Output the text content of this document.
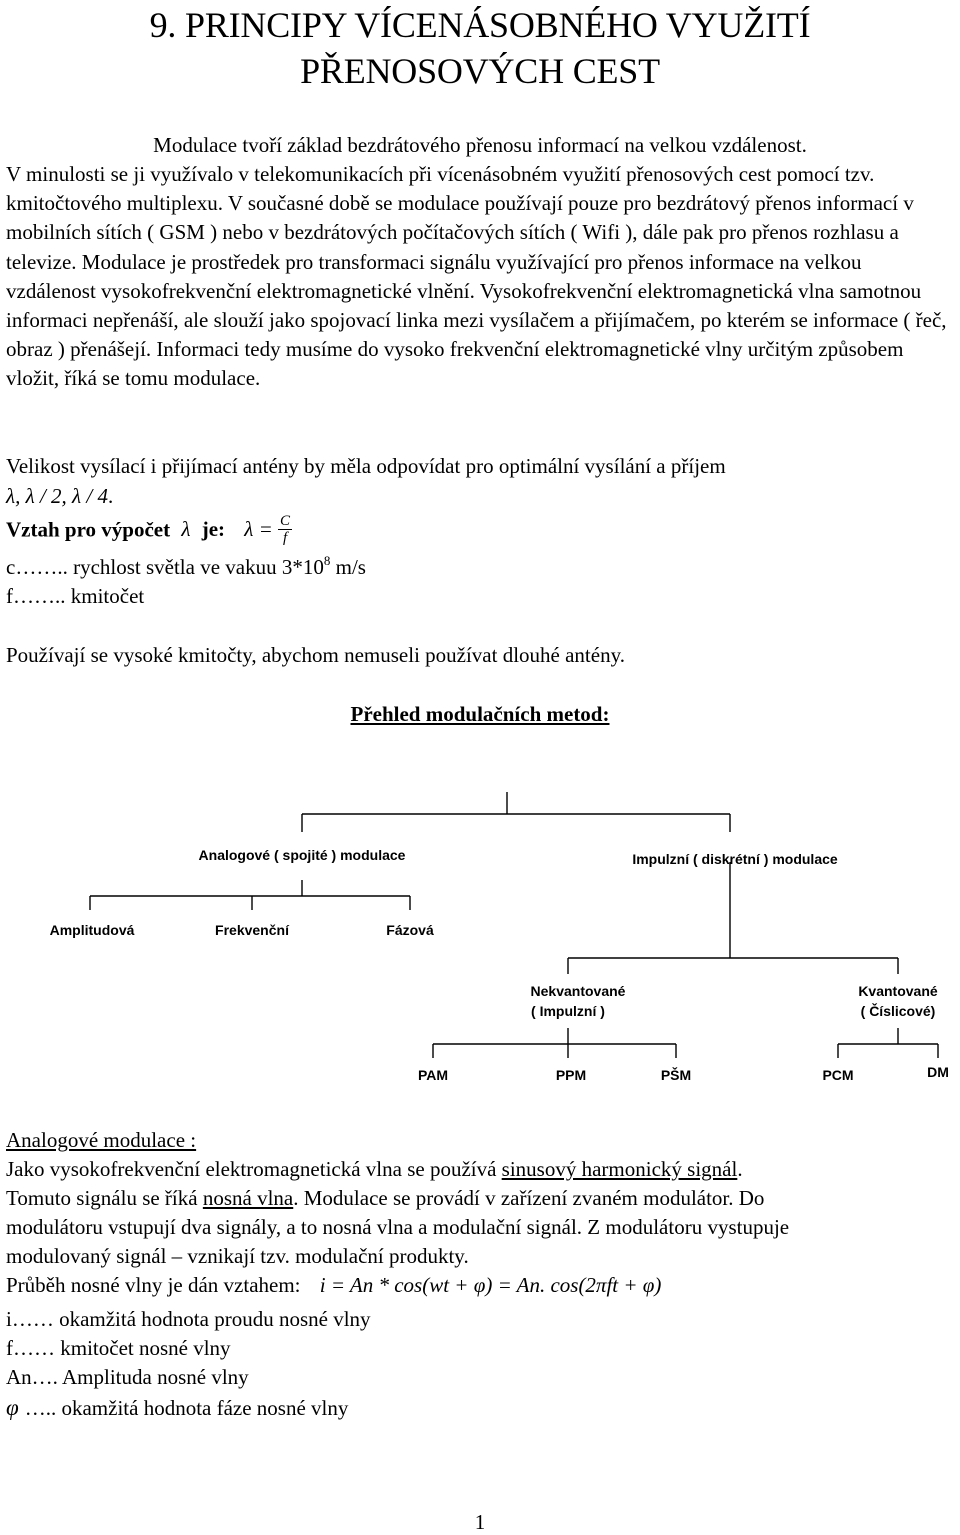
9. PRINCIPY VÍCENÁSOBNÉHO VYUŽITÍ
PŘENOSOVÝCH CEST
Modulace tvoří základ bezdrátového přenosu informací na velkou vzdálenost.
V minulosti se ji využívalo v telekomunikacích při vícenásobném využití přenosových cest pomocí tzv. kmitočtového multiplexu. V současné době se modulace používají pouze pro bezdrátový přenos informací v mobilních sítích ( GSM ) nebo v bezdrátových počítačových sítích ( Wifi ), dále pak pro přenos rozhlasu a televize. Modulace je prostředek pro transformaci signálu využívající pro přenos informace na velkou vzdálenost vysokofrekvenční elektromagnetické vlnění. Vysokofrekvenční elektromagnetická vlna samotnou informaci nepřenáší, ale slouží jako spojovací linka mezi vysílačem a přijímačem, po kterém se informace ( řeč, obraz ) přenášejí. Informaci tedy musíme do vysoko frekvenční elektromagnetické vlny určitým způsobem vložit, říká se tomu modulace.
Velikost vysílací i přijímací antény by měla odpovídat pro optimální vysílání a příjem
λ, λ / 2, λ / 4.
Vztah pro výpočet λ je: $\lambda = \frac{C}{f}$
c…….. rychlost světla ve vakuu $3*10^8$ m/s
f…….. kmitočet
Používají se vysoké kmitočty, abychom nemuseli používat dlouhé antény.
Přehled modulačních metod:
Analogové ( spojité ) modulace	Impulzní ( diskrétní ) modulace
Amplitudová	Frekvenční	Fázová
Nekvantované
( Impulzní )
Kvantované
( Číslicové)
PAM	PPM	PŠM	PCM	DM
Analogové modulace :
Jako vysokofrekvenční elektromagnetická vlna se používá sinusový harmonický signál.
Tomuto signálu se říká nosná vlna. Modulace se provádí v zařízení zvaném modulátor. Do
modulátoru vstupují dva signály, a to nosná vlna a modulační signál. Z modulátoru vystupuje
modulovaný signál – vznikají tzv. modulační produkty.
Průběh nosné vlny je dán vztahem: i = An * cos(wt + φ) = An. cos(2πft + φ)
i…… okamžitá hodnota proudu nosné vlny
f…… kmitočet nosné vlny
An…. Amplituda nosné vlny
φ ….. okamžitá hodnota fáze nosné vlny
1
